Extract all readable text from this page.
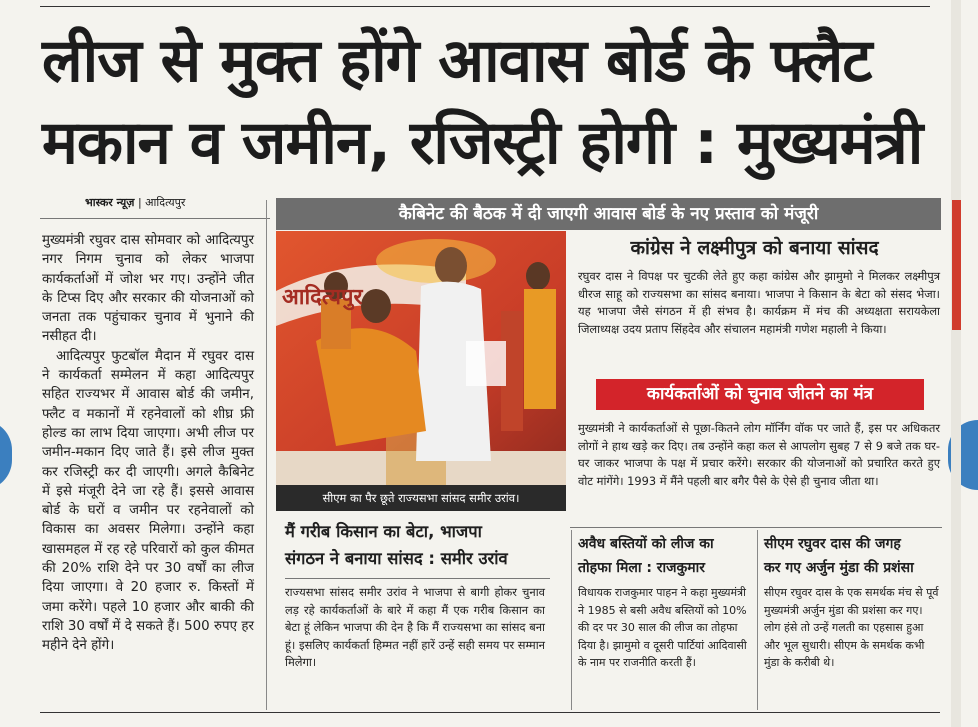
लीज से मुक्त होंगे आवास बोर्ड के फ्लैट
मकान व जमीन, रजिस्ट्री होगी : मुख्यमंत्री
भास्कर न्यूज़ | आदित्यपुर

मुख्यमंत्री रघुवर दास सोमवार को आदित्यपुर नगर निगम चुनाव को लेकर भाजपा कार्यकर्ताओं में जोश भर गए। उन्होंने जीत के टिप्स दिए और सरकार की योजनाओं को जनता तक पहुंचाकर चुनाव में भुनाने की नसीहत दी।

आदित्यपुर फुटबॉल मैदान में रघुवर दास ने कार्यकर्ता सम्मेलन में कहा आदित्यपुर सहित राज्यभर में आवास बोर्ड की जमीन, फ्लैट व मकानों में रहनेवालों को शीघ्र फ्री होल्ड का लाभ दिया जाएगा। अभी लीज पर जमीन-मकान दिए जाते हैं। इसे लीज मुक्त कर रजिस्ट्री कर दी जाएगी। अगले कैबिनेट में इसे मंजूरी देने जा रहे हैं। इससे आवास बोर्ड के घरों व जमीन पर रहनेवालों को विकास का अवसर मिलेगा। उन्होंने कहा खासमहल में रह रहे परिवारों को कुल कीमत की 20% राशि देने पर 30 वर्षों का लीज दिया जाएगा। वे 20 हजार रु. किस्तों में जमा करेंगे। पहले 10 हजार और बाकी की राशि 30 वर्षों में दे सकते हैं। 500 रुपए हर महीने देने होंगे।

कैबिनेट की बैठक में दी जाएगी आवास बोर्ड के नए प्रस्ताव को मंजूरी
आदित्यपुर
सीएम का पैर छूते राज्यसभा सांसद समीर उरांव।
कांग्रेस ने लक्ष्मीपुत्र को बनाया सांसद
रघुवर दास ने विपक्ष पर चुटकी लेते हुए कहा कांग्रेस और झामुमो ने मिलकर लक्ष्मीपुत्र धीरज साहू को राज्यसभा का सांसद बनाया। भाजपा ने किसान के बेटा को संसद भेजा। यह भाजपा जैसे संगठन में ही संभव है। कार्यक्रम में मंच की अध्यक्षता सरायकेला जिलाध्यक्ष उदय प्रताप सिंहदेव और संचालन महामंत्री गणेश महाली ने किया।
कार्यकर्ताओं को चुनाव जीतने का मंत्र
मुख्यमंत्री ने कार्यकर्ताओं से पूछा-कितने लोग मॉर्निंग वॉक पर जाते हैं, इस पर अधिकतर लोगों ने हाथ खड़े कर दिए। तब उन्होंने कहा कल से आपलोग सुबह 7 से 9 बजे तक घर-घर जाकर भाजपा के पक्ष में प्रचार करेंगे। सरकार की योजनाओं को प्रचारित करते हुए वोट मांगेंगे। 1993 में मैंने पहली बार बगैर पैसे के ऐसे ही चुनाव जीता था।
मैं गरीब किसान का बेटा, भाजपा
संगठन ने बनाया सांसद : समीर उरांव
राज्यसभा सांसद समीर उरांव ने भाजपा से बागी होकर चुनाव लड़ रहे कार्यकर्ताओं के बारे में कहा मैं एक गरीब किसान का बेटा हूं लेकिन भाजपा की देन है कि मैं राज्यसभा का सांसद बना हूं। इसलिए कार्यकर्ता हिम्मत नहीं हारें उन्हें सही समय पर सम्मान मिलेगा।
अवैध बस्तियों को लीज का
तोहफा मिला : राजकुमार
विधायक राजकुमार पाहन ने कहा मुख्यमंत्री ने 1985 से बसी अवैध बस्तियों को 10% की दर पर 30 साल की लीज का तोहफा दिया है। झामुमो व दूसरी पार्टियां आदिवासी के नाम पर राजनीति करती हैं।
सीएम रघुवर दास की जगह
कर गए अर्जुन मुंडा की प्रशंसा
सीएम रघुवर दास के एक समर्थक मंच से पूर्व मुख्यमंत्री अर्जुन मुंडा की प्रशंसा कर गए। लोग हंसे तो उन्हें गलती का एहसास हुआ और भूल सुधारी। सीएम के समर्थक कभी मुंडा के करीबी थे।
